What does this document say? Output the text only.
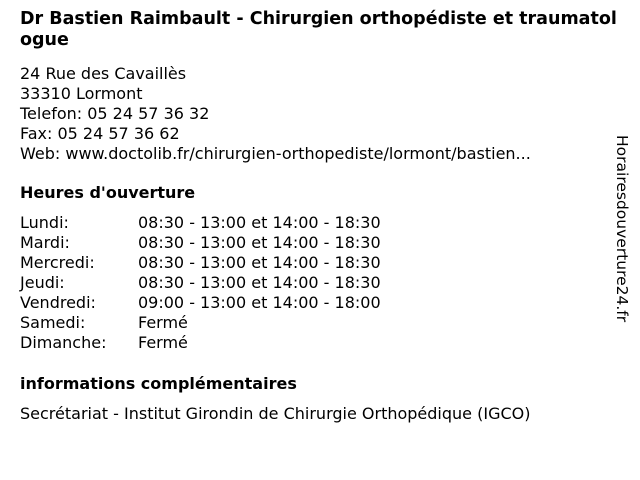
Dr Bastien Raimbault - Chirurgien orthopédiste et traumatologue
24 Rue des Cavaillès
33310 Lormont
Telefon: 05 24 57 36 32
Fax: 05 24 57 36 62
Web: www.doctolib.fr/chirurgien-orthopediste/lormont/bastien...
Heures d'ouverture
Lundi:	08:30 - 13:00 et 14:00 - 18:30
Mardi:	08:30 - 13:00 et 14:00 - 18:30
Mercredi:	08:30 - 13:00 et 14:00 - 18:30
Jeudi:	08:30 - 13:00 et 14:00 - 18:30
Vendredi:	09:00 - 13:00 et 14:00 - 18:00
Samedi:	Fermé
Dimanche: Fermé
informations complémentaires
Secrétariat - Institut Girondin de Chirurgie Orthopédique (IGCO)
Horairesdouverture24.fr
